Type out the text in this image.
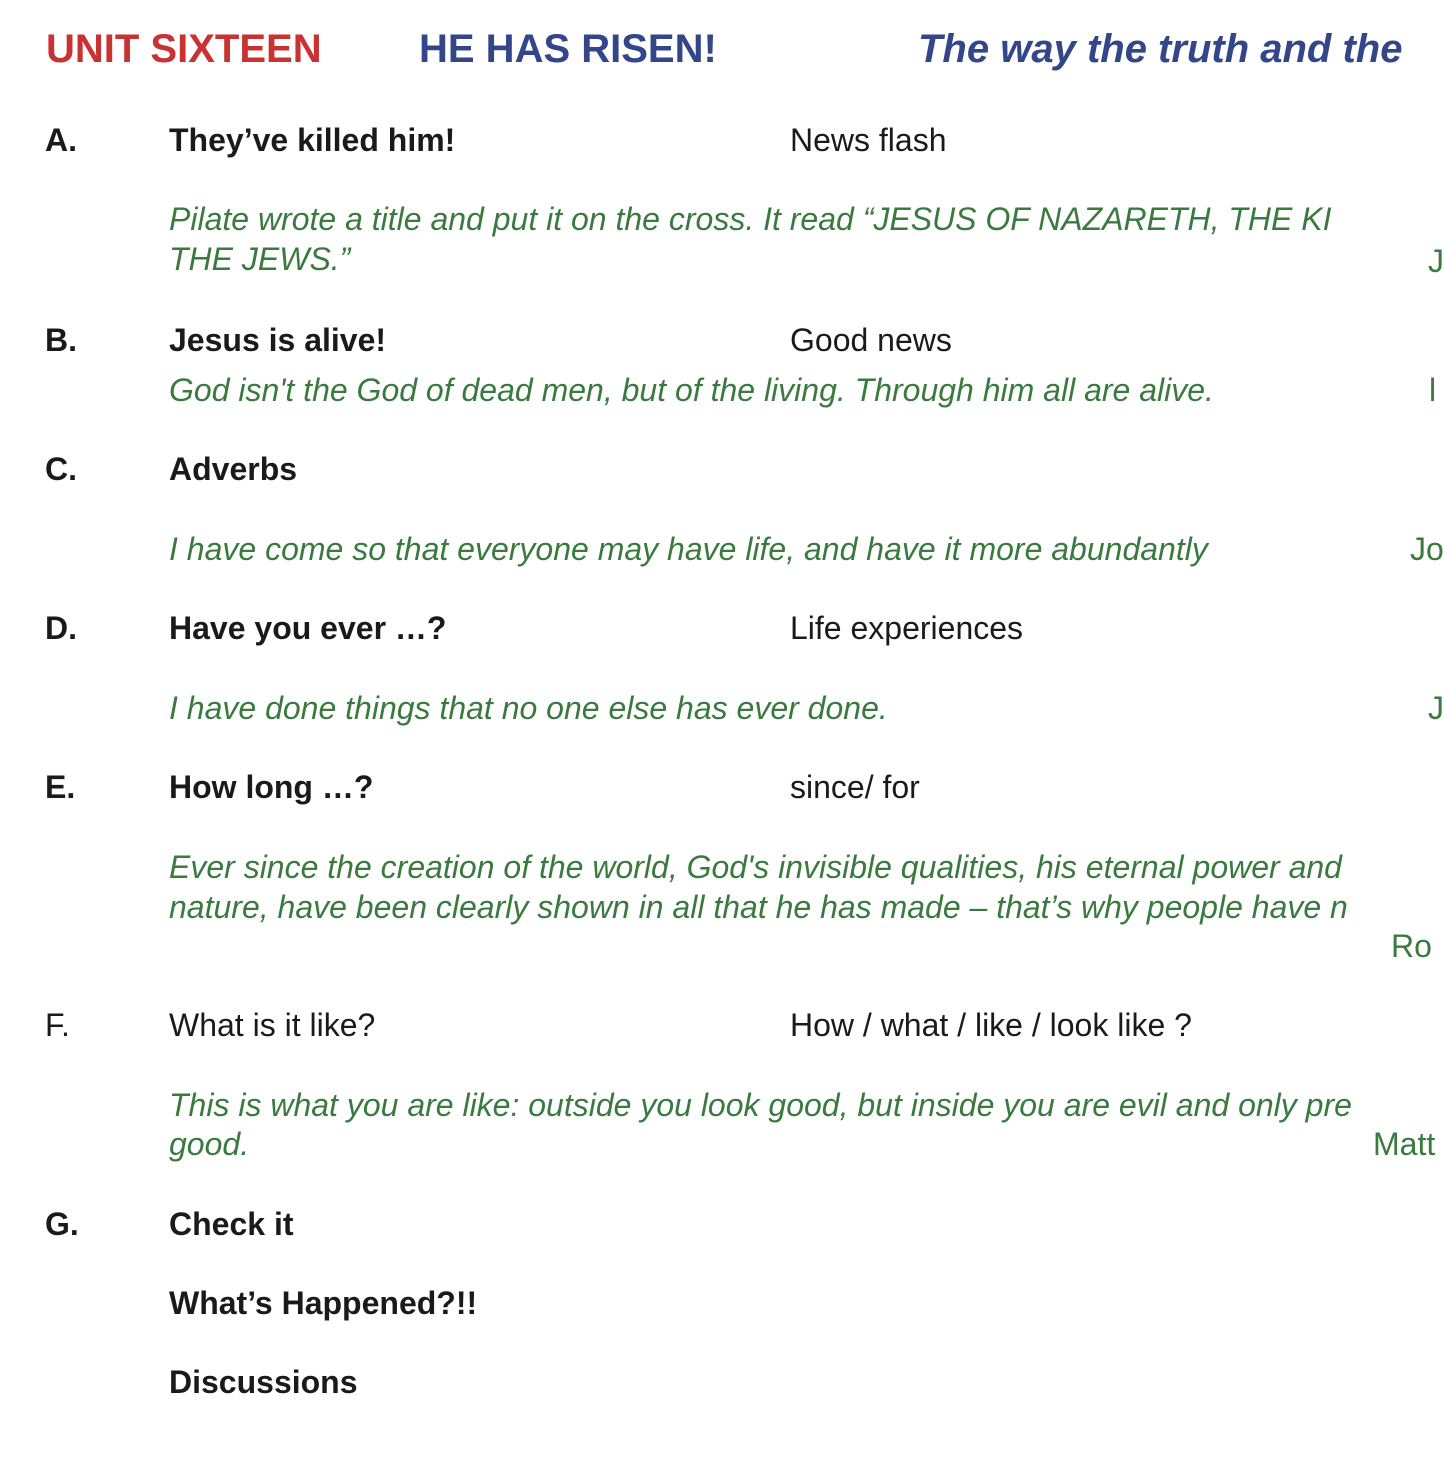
UNIT SIXTEEN HE HAS RISEN!	The way the truth and the
A.	They’ve killed him!	News flash
Pilate wrote a title and put it on the cross. It read “JESUS OF NAZARETH, THE KI
THE JEWS.”	J
B.	Jesus is alive!	Good news
God isn't the God of dead men, but of the living. Through him all are alive.	l
C.	Adverbs
I have come so that everyone may have life, and have it more abundantly	Jo
D.	Have you ever …?	Life experiences
I have done things that no one else has ever done.	J
E.	How long …?	since/ for
Ever since the creation of the world, God's invisible qualities, his eternal power and
nature, have been clearly shown in all that he has made – that’s why people have n
Ro
F.	What is it like?	How / what / like / look like ?
This is what you are like: outside you look good, but inside you are evil and only pre
good.	Matt
G.	Check it
What’s Happened?!!
Discussions
